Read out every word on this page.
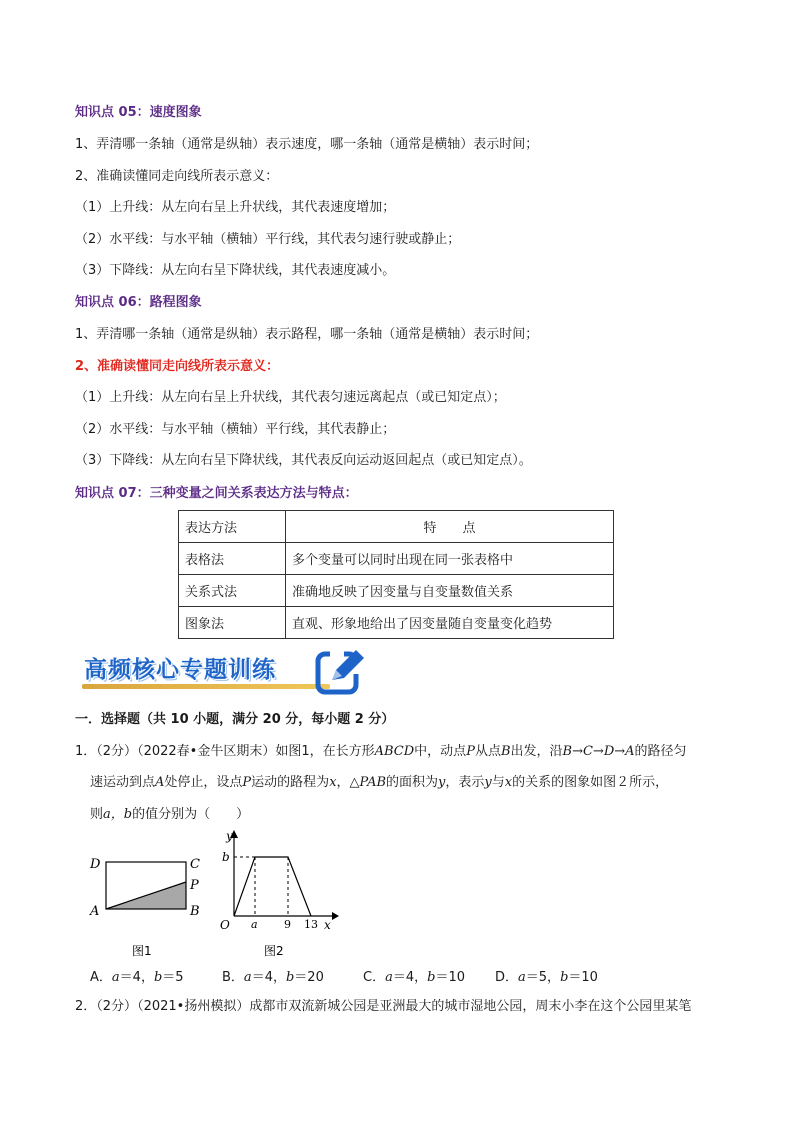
知识点 05：速度图象
1、弄清哪一条轴（通常是纵轴）表示速度，哪一条轴（通常是横轴）表示时间；
2、准确读懂同走向线所表示意义：
（1）上升线：从左向右呈上升状线，其代表速度增加；
（2）水平线：与水平轴（横轴）平行线，其代表匀速行驶或静止；
（3）下降线：从左向右呈下降状线，其代表速度减小。
知识点 06：路程图象
1、弄清哪一条轴（通常是纵轴）表示路程，哪一条轴（通常是横轴）表示时间；
2、准确读懂同走向线所表示意义：
（1）上升线：从左向右呈上升状线，其代表匀速远离起点（或已知定点）；
（2）水平线：与水平轴（横轴）平行线，其代表静止；
（3）下降线：从左向右呈下降状线，其代表反向运动返回起点（或已知定点）。
知识点 07：三种变量之间关系表达方法与特点：
表达方法	特　　点
表格法	多个变量可以同时出现在同一张表格中
关系式法	准确地反映了因变量与自变量数值关系
图象法	直观、形象地给出了因变量随自变量变化趋势
高频核心专题训练
一．选择题（共 10 小题，满分 20 分，每小题 2 分）
1．（2分）（2022春•金牛区期末）如图1，在长方形ABCD中，动点P从点B出发，沿B→C→D→A的路径匀
速运动到点A处停止，设点P运动的路程为x，△PAB的面积为y，表示y与x的关系的图象如图２所示，
则a，b的值分别为（　　）
D	C
P
A	B
图1
y
x
O
b
a 9 13
图2
A．a＝4，b＝5	B．a＝4，b＝20	C．a＝4，b＝10 D．a＝5，b＝10
2．（2分）（2021•扬州模拟）成都市双流新城公园是亚洲最大的城市湿地公园，周末小李在这个公园里某笔
